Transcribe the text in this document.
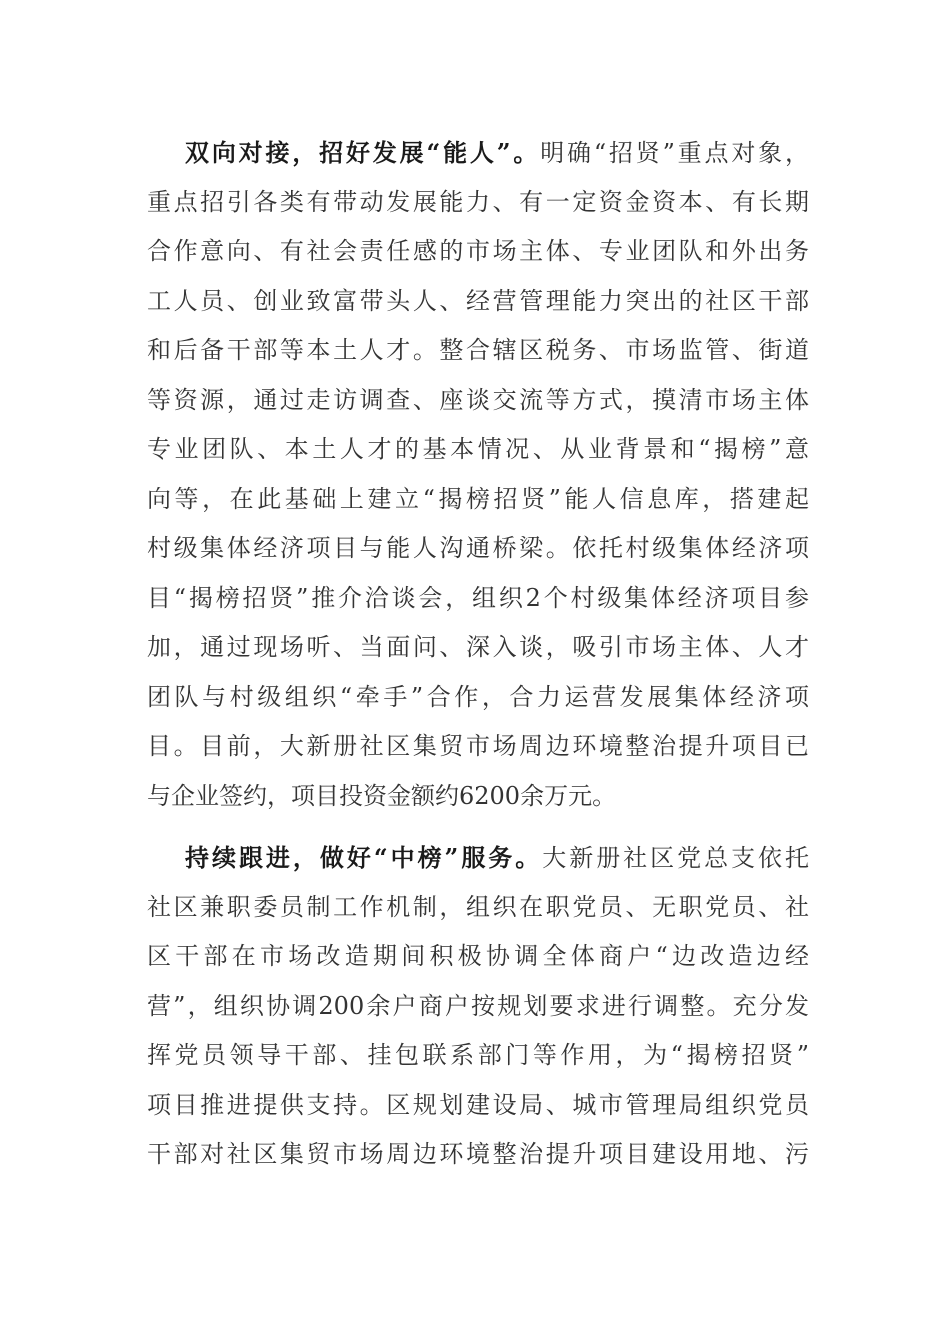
双向对接，招好发展“能人”。明确“招贤”重点对象，
重点招引各类有带动发展能力、有一定资金资本、有长期
合作意向、有社会责任感的市场主体、专业团队和外出务
工人员、创业致富带头人、经营管理能力突出的社区干部
和后备干部等本土人才。整合辖区税务、市场监管、街道
等资源，通过走访调查、座谈交流等方式，摸清市场主体
专业团队、本土人才的基本情况、从业背景和“揭榜”意
向等，在此基础上建立“揭榜招贤”能人信息库，搭建起
村级集体经济项目与能人沟通桥梁。依托村级集体经济项
目“揭榜招贤”推介洽谈会，组织2个村级集体经济项目参
加，通过现场听、当面问、深入谈，吸引市场主体、人才
团队与村级组织“牵手”合作，合力运营发展集体经济项
目。目前，大新册社区集贸市场周边环境整治提升项目已
与企业签约，项目投资金额约6200余万元。
持续跟进，做好“中榜”服务。大新册社区党总支依托
社区兼职委员制工作机制，组织在职党员、无职党员、社
区干部在市场改造期间积极协调全体商户“边改造边经
营”，组织协调200余户商户按规划要求进行调整。充分发
挥党员领导干部、挂包联系部门等作用，为“揭榜招贤”
项目推进提供支持。区规划建设局、城市管理局组织党员
干部对社区集贸市场周边环境整治提升项目建设用地、污
